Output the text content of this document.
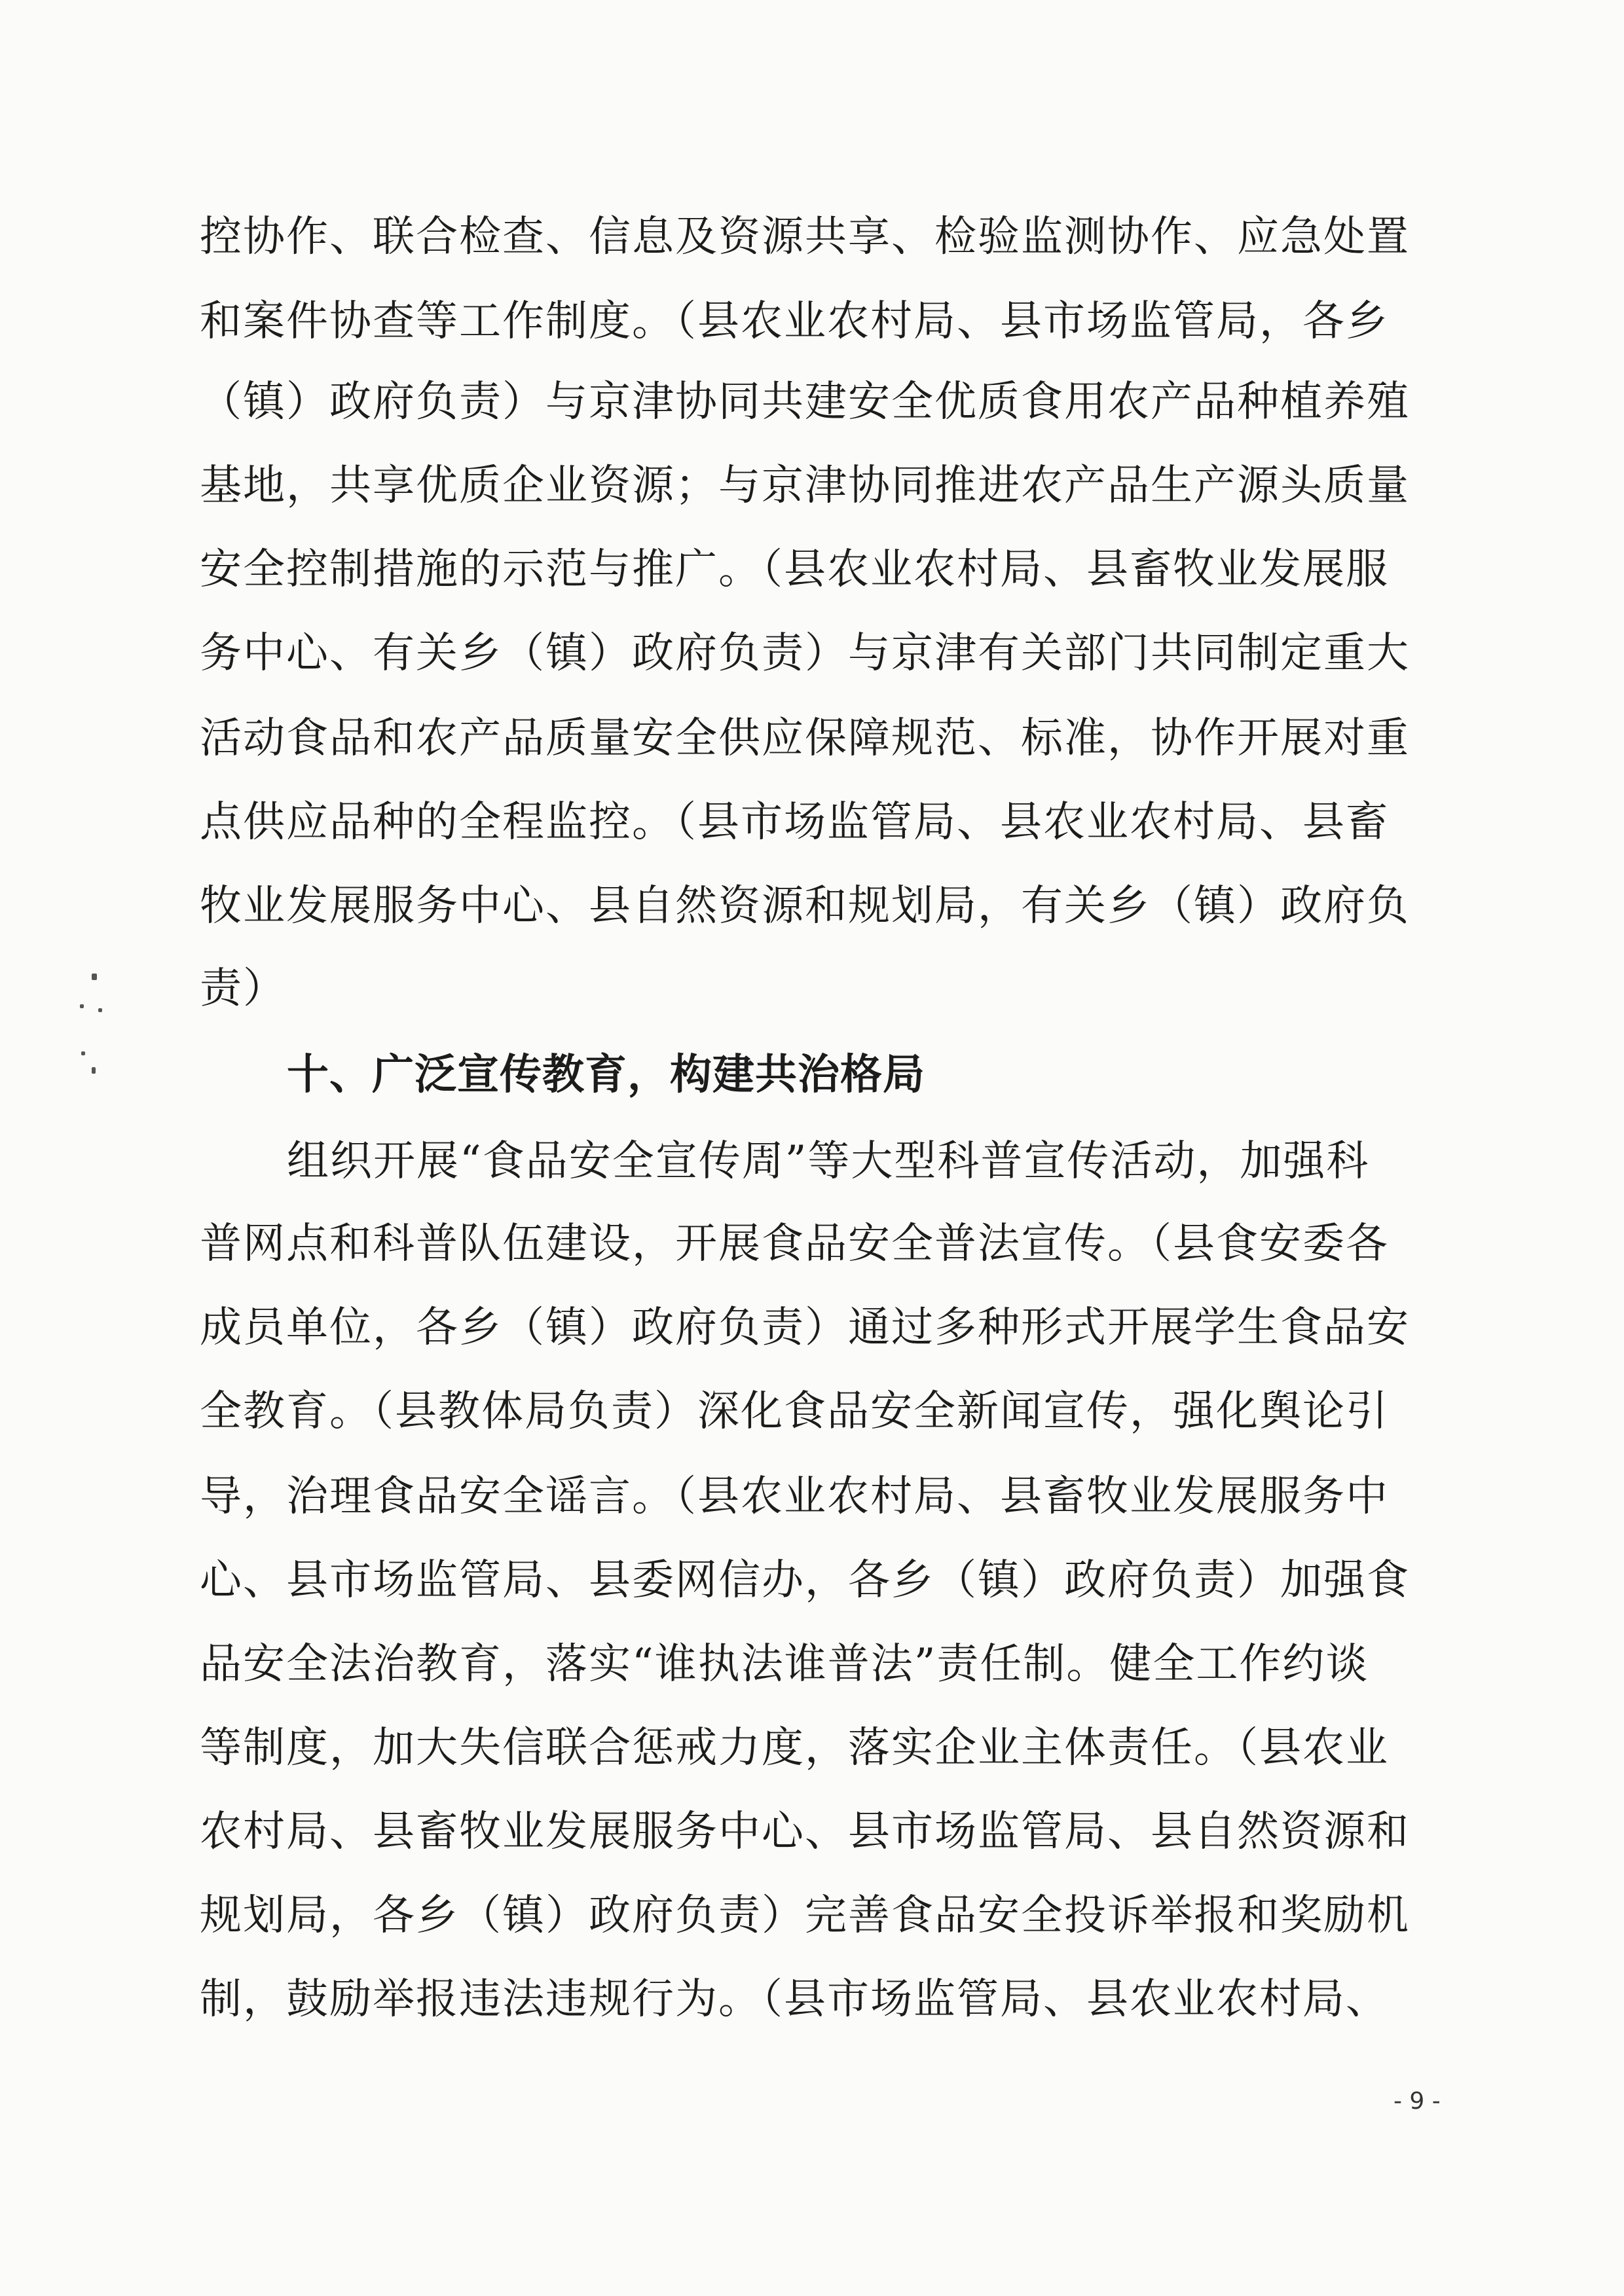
控协作、联合检查、信息及资源共享、检验监测协作、应急处置
和案件协查等工作制度。（县农业农村局、县市场监管局，各乡
（镇）政府负责）与京津协同共建安全优质食用农产品种植养殖
基地，共享优质企业资源；与京津协同推进农产品生产源头质量
安全控制措施的示范与推广。（县农业农村局、县畜牧业发展服
务中心、有关乡（镇）政府负责）与京津有关部门共同制定重大
活动食品和农产品质量安全供应保障规范、标准，协作开展对重
点供应品种的全程监控。（县市场监管局、县农业农村局、县畜
牧业发展服务中心、县自然资源和规划局，有关乡（镇）政府负
责）
十、广泛宣传教育，构建共治格局
组织开展“食品安全宣传周”等大型科普宣传活动，加强科
普网点和科普队伍建设，开展食品安全普法宣传。（县食安委各
成员单位，各乡（镇）政府负责）通过多种形式开展学生食品安
全教育。（县教体局负责）深化食品安全新闻宣传，强化舆论引
导，治理食品安全谣言。（县农业农村局、县畜牧业发展服务中
心、县市场监管局、县委网信办，各乡（镇）政府负责）加强食
品安全法治教育，落实“谁执法谁普法”责任制。健全工作约谈
等制度，加大失信联合惩戒力度，落实企业主体责任。（县农业
农村局、县畜牧业发展服务中心、县市场监管局、县自然资源和
规划局，各乡（镇）政府负责）完善食品安全投诉举报和奖励机
制，鼓励举报违法违规行为。（县市场监管局、县农业农村局、
- 9 -
